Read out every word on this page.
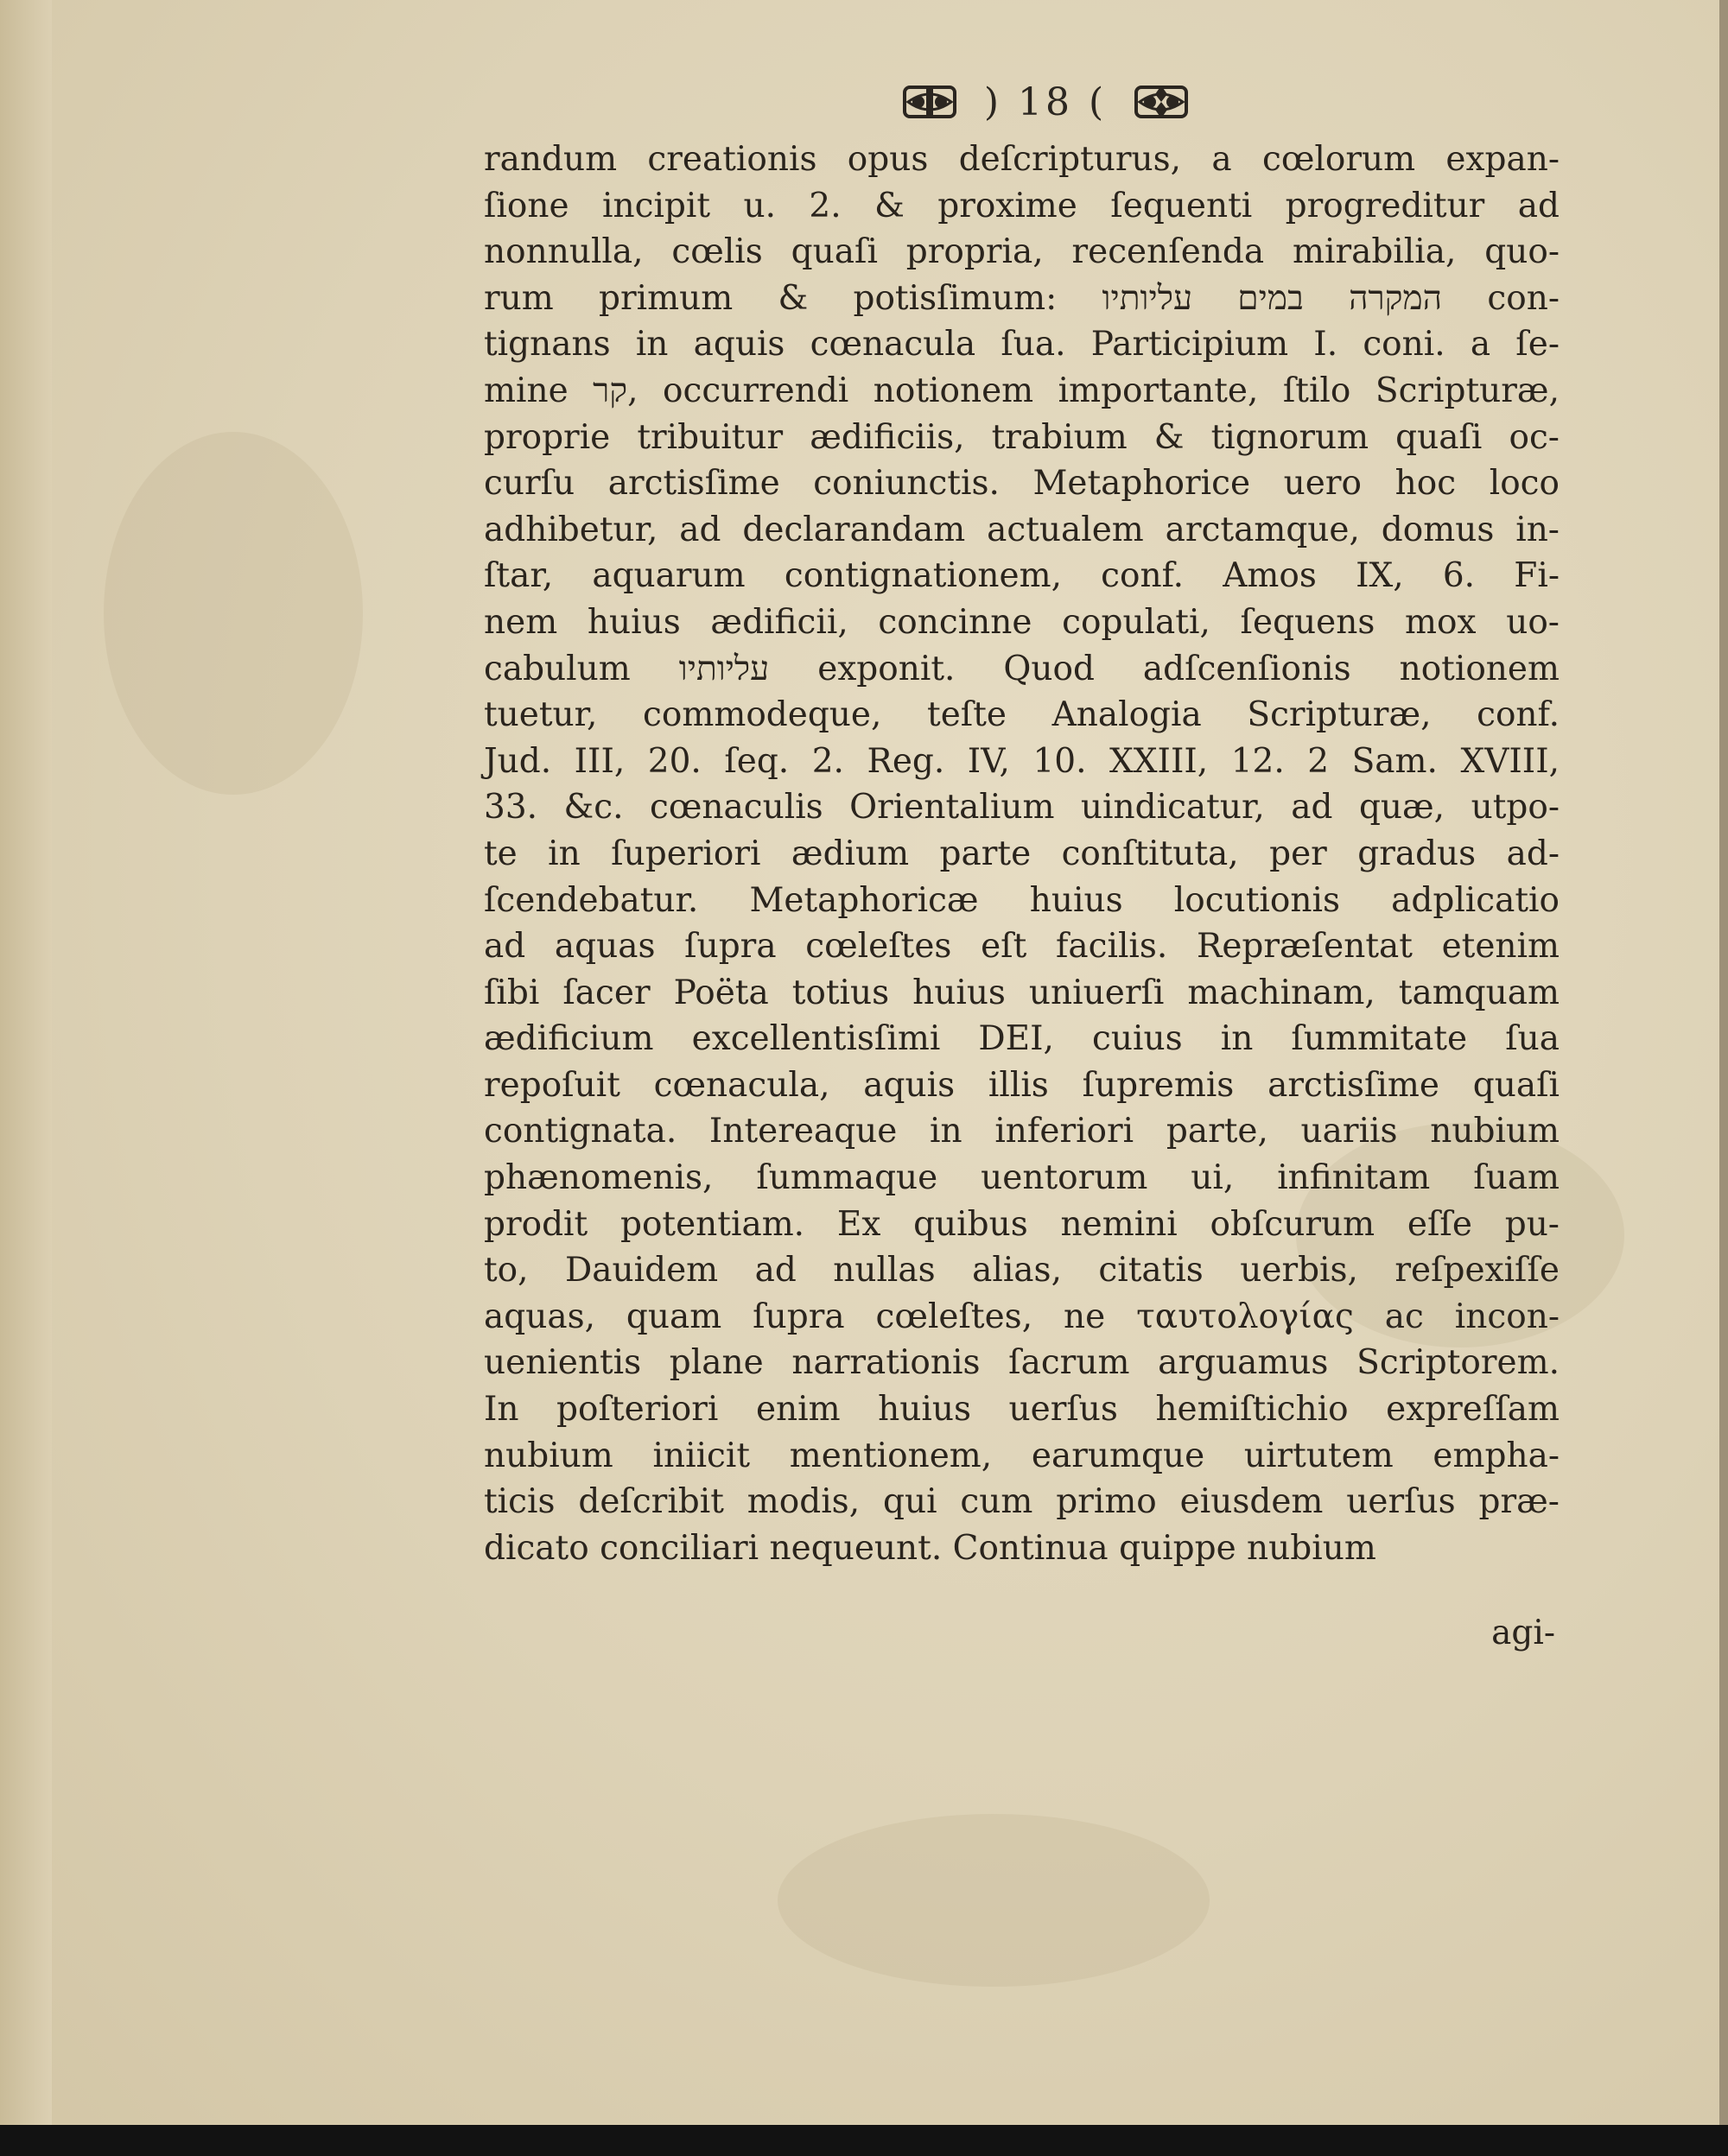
) 18 (
randum creationis opus deſcripturus, a cœlorum expan-
ſione incipit u. 2. & proxime ſequenti progreditur ad
nonnulla, cœlis quaſi propria, recenſenda mirabilia, quo-
rum primum & potisſimum: המקרה במים עליותיו con-
tignans in aquis cœnacula ſua. Participium I. coni. a ſe-
mine קר, occurrendi notionem importante, ſtilo Scripturæ,
proprie tribuitur ædificiis, trabium & tignorum quaſi oc-
curſu arctisſime coniunctis. Metaphorice uero hoc loco
adhibetur, ad declarandam actualem arctamque, domus in-
ſtar, aquarum contignationem, conf. Amos IX, 6. Fi-
nem huius ædificii, concinne copulati, ſequens mox uo-
cabulum עליותיו exponit. Quod adſcenſionis notionem
tuetur, commodeque, teſte Analogia Scripturæ, conf.
Jud. III, 20. ſeq. 2. Reg. IV, 10. XXIII, 12. 2 Sam. XVIII,
33. &c. cœnaculis Orientalium uindicatur, ad quæ, utpo-
te in ſuperiori ædium parte conſtituta, per gradus ad-
ſcendebatur. Metaphoricæ huius locutionis adplicatio
ad aquas ſupra cœleſtes eſt facilis. Repræſentat etenim
ſibi ſacer Poëta totius huius uniuerſi machinam, tamquam
ædificium excellentisſimi DEI, cuius in ſummitate ſua
repoſuit cœnacula, aquis illis ſupremis arctisſime quaſi
contignata. Intereaque in inferiori parte, uariis nubium
phænomenis, ſummaque uentorum ui, infinitam ſuam
prodit potentiam. Ex quibus nemini obſcurum eſſe pu-
to, Dauidem ad nullas alias, citatis uerbis, reſpexiſſe
aquas, quam ſupra cœleſtes, ne ταυτολογίας ac incon-
uenientis plane narrationis ſacrum arguamus Scriptorem.
In poſteriori enim huius uerſus hemiſtichio expreſſam
nubium iniicit mentionem, earumque uirtutem empha-
ticis deſcribit modis, qui cum primo eiusdem uerſus præ-
dicato conciliari nequeunt. Continua quippe nubium
agi-
